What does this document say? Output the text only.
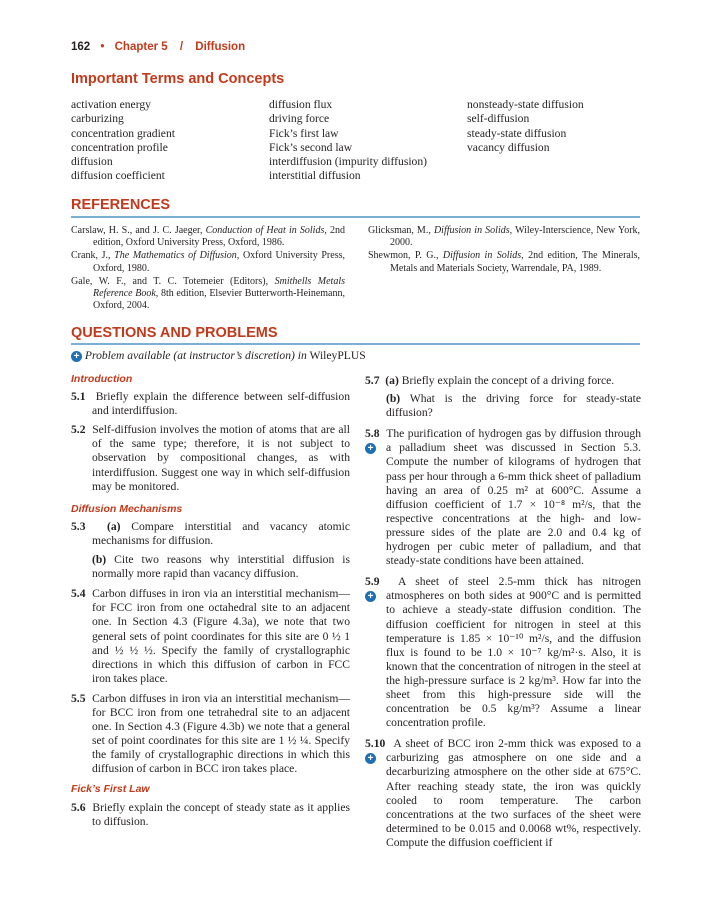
162 • Chapter 5 / Diffusion
Important Terms and Concepts
activation energy
carburizing
concentration gradient
concentration profile
diffusion
diffusion coefficient
diffusion flux
driving force
Fick’s first law
Fick’s second law
interdiffusion (impurity diffusion)
interstitial diffusion
nonsteady-state diffusion
self-diffusion
steady-state diffusion
vacancy diffusion
REFERENCES
Carslaw, H. S., and J. C. Jaeger, Conduction of Heat in Solids, 2nd edition, Oxford University Press, Oxford, 1986.
Crank, J., The Mathematics of Diffusion, Oxford University Press, Oxford, 1980.
Gale, W. F., and T. C. Totemeier (Editors), Smithells Metals Reference Book, 8th edition, Elsevier Butterworth-Heinemann, Oxford, 2004.
Glicksman, M., Diffusion in Solids, Wiley-Interscience, New York, 2000.
Shewmon, P. G., Diffusion in Solids, 2nd edition, The Minerals, Metals and Materials Society, Warrendale, PA, 1989.
QUESTIONS AND PROBLEMS
+ Problem available (at instructor’s discretion) in WileyPLUS
Introduction
5.1 Briefly explain the difference between self-diffusion and interdiffusion.
5.2 Self-diffusion involves the motion of atoms that are all of the same type; therefore, it is not subject to observation by compositional changes, as with interdiffusion. Suggest one way in which self-diffusion may be monitored.
Diffusion Mechanisms
5.3 (a) Compare interstitial and vacancy atomic mechanisms for diffusion.
(b) Cite two reasons why interstitial diffusion is normally more rapid than vacancy diffusion.
5.4 Carbon diffuses in iron via an interstitial mechanism—for FCC iron from one octahedral site to an adjacent one. In Section 4.3 (Figure 4.3a), we note that two general sets of point coordinates for this site are 0 ½ 1 and ½ ½ ½. Specify the family of crystallographic directions in which this diffusion of carbon in FCC iron takes place.
5.5 Carbon diffuses in iron via an interstitial mechanism—for BCC iron from one tetrahedral site to an adjacent one. In Section 4.3 (Figure 4.3b) we note that a general set of point coordinates for this site are 1 ½ ¼. Specify the family of crystallographic directions in which this diffusion of carbon in BCC iron takes place.
Fick’s First Law
5.6 Briefly explain the concept of steady state as it applies to diffusion.
5.7 (a) Briefly explain the concept of a driving force.
(b) What is the driving force for steady-state diffusion?
+
5.8 The purification of hydrogen gas by diffusion through a palladium sheet was discussed in Section 5.3. Compute the number of kilograms of hydrogen that pass per hour through a 6-mm thick sheet of palladium having an area of 0.25 m² at 600°C. Assume a diffusion coefficient of 1.7 × 10⁻⁸ m²/s, that the respective concentrations at the high- and low-pressure sides of the plate are 2.0 and 0.4 kg of hydrogen per cubic meter of palladium, and that steady-state conditions have been attained.
+
5.9 A sheet of steel 2.5-mm thick has nitrogen atmospheres on both sides at 900°C and is permitted to achieve a steady-state diffusion condition. The diffusion coefficient for nitrogen in steel at this temperature is 1.85 × 10⁻¹⁰ m²/s, and the diffusion flux is found to be 1.0 × 10⁻⁷ kg/m²·s. Also, it is known that the concentration of nitrogen in the steel at the high-pressure surface is 2 kg/m³. How far into the sheet from this high-pressure side will the concentration be 0.5 kg/m³? Assume a linear concentration profile.
+
5.10 A sheet of BCC iron 2-mm thick was exposed to a carburizing gas atmosphere on one side and a decarburizing atmosphere on the other side at 675°C. After reaching steady state, the iron was quickly cooled to room temperature. The carbon concentrations at the two surfaces of the sheet were determined to be 0.015 and 0.0068 wt%, respectively. Compute the diffusion coefficient if
